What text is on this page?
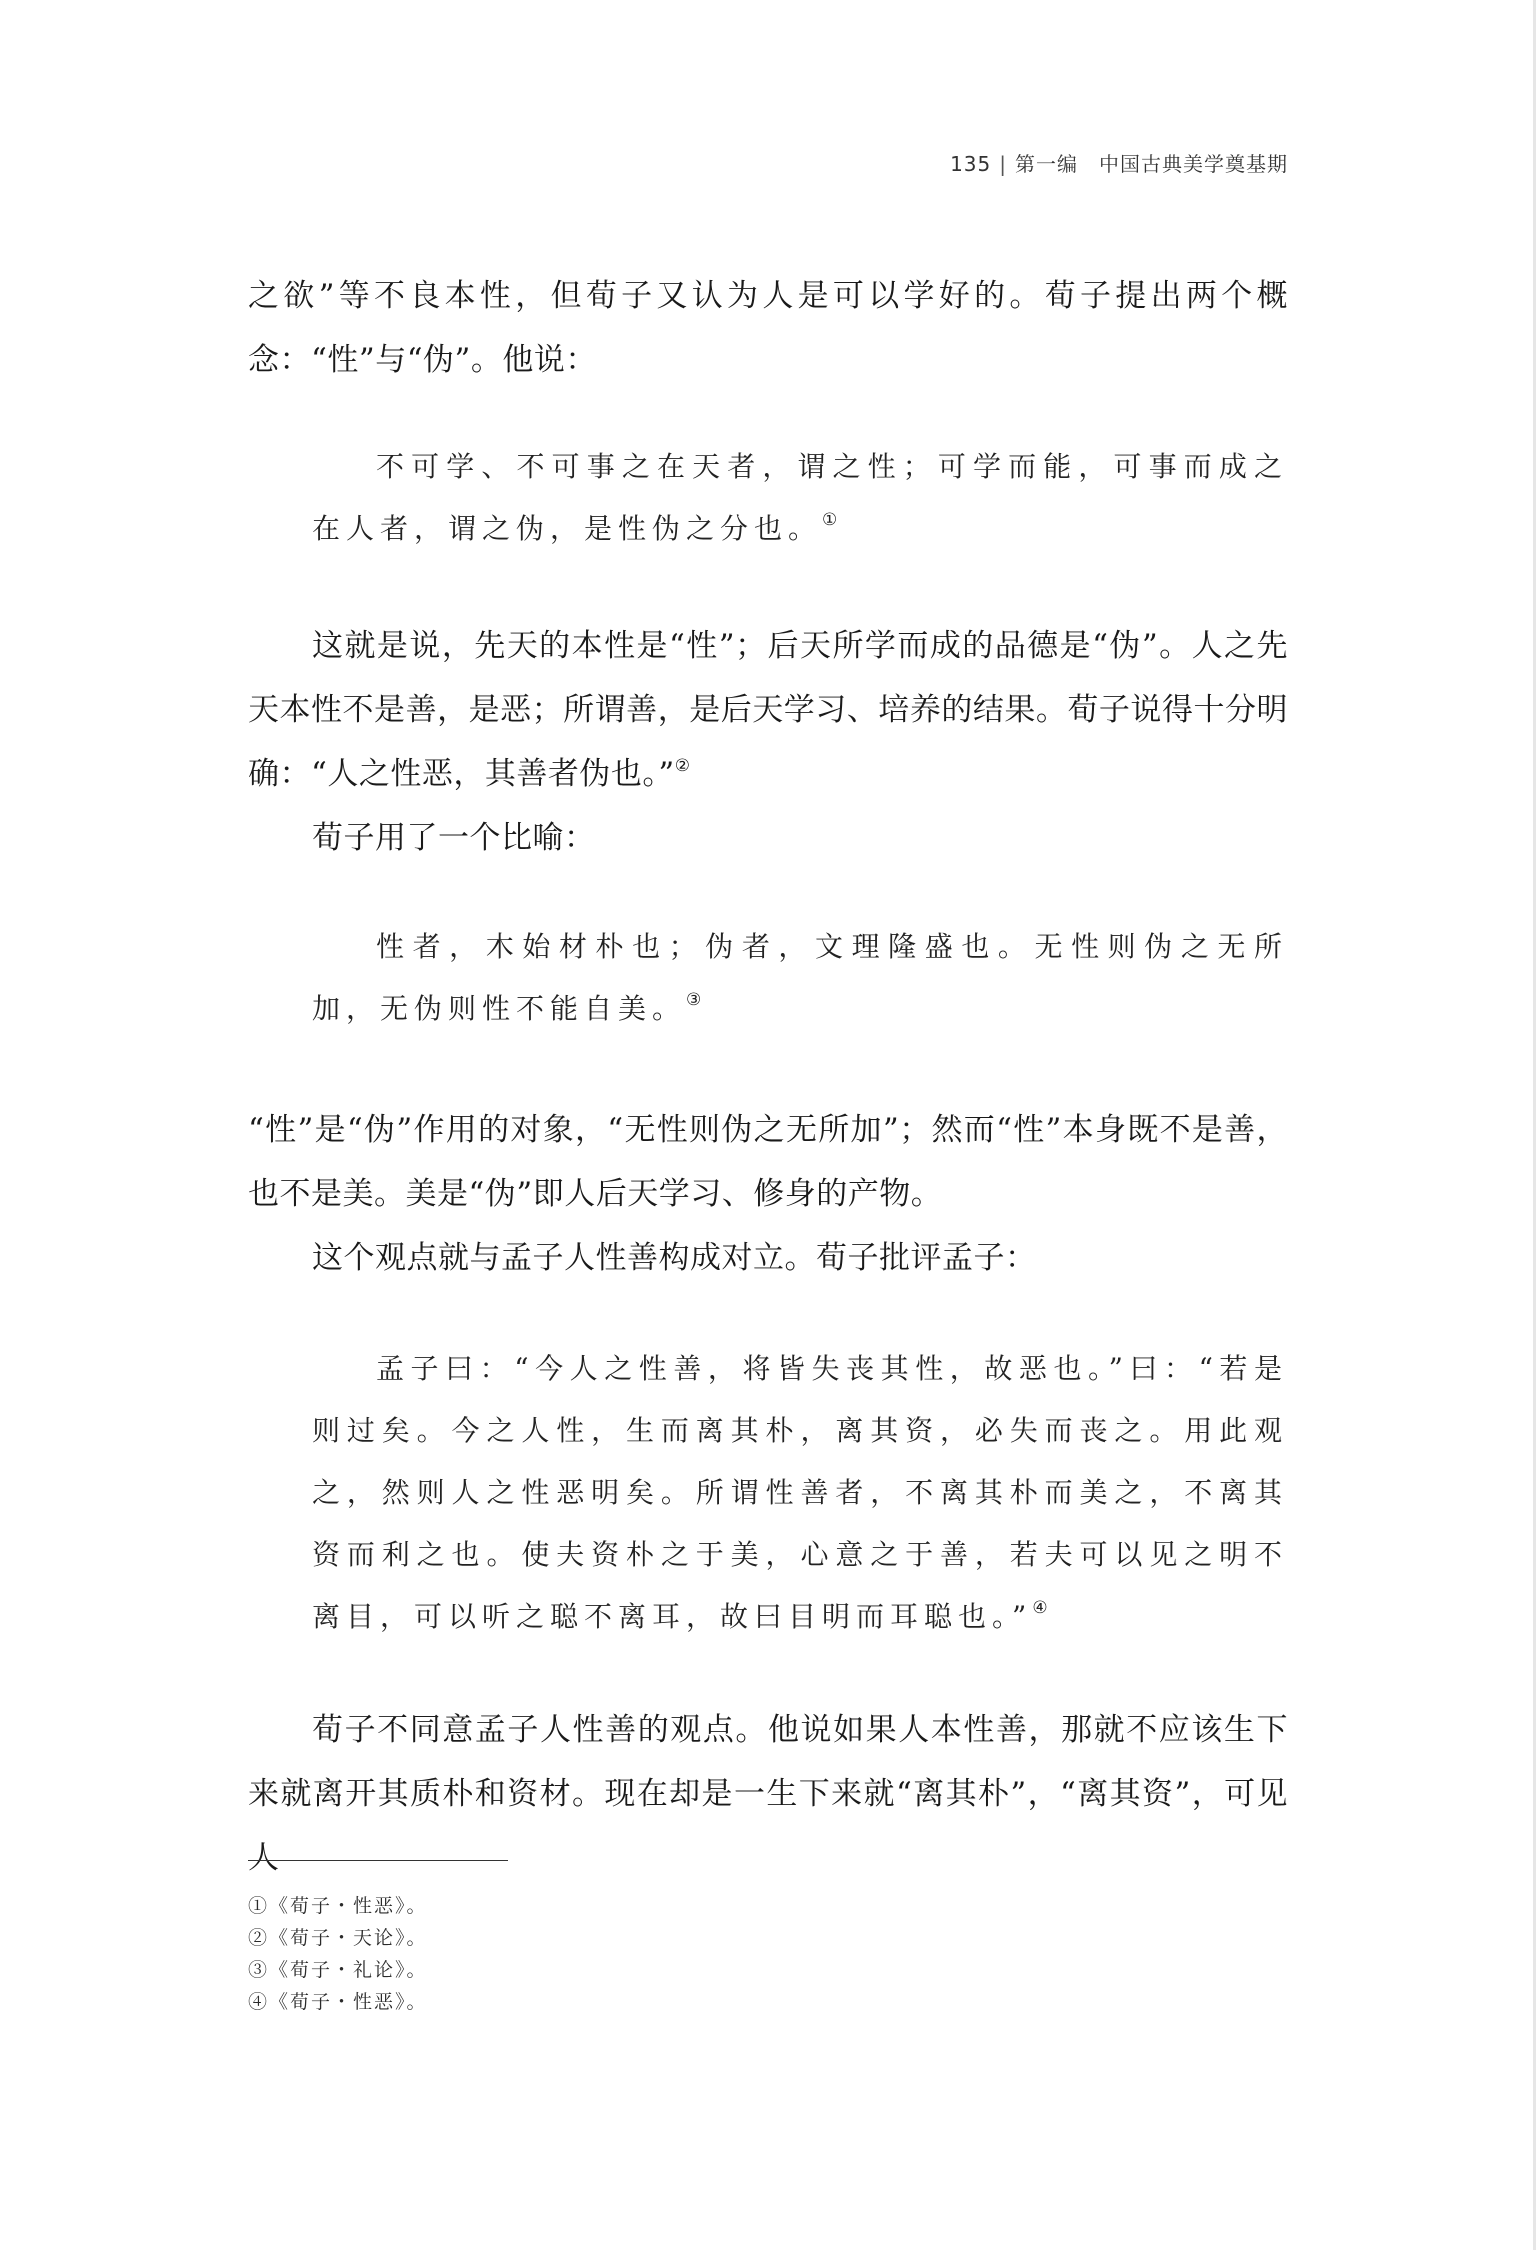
135 | 第一编　中国古典美学奠基期

之欲”等不良本性，但荀子又认为人是可以学好的。荀子提出两个概念：“性”与“伪”。他说：

不可学、不可事之在天者，谓之性；可学而能，可事而成之在人者，谓之伪，是性伪之分也。①

这就是说，先天的本性是“性”；后天所学而成的品德是“伪”。人之先天本性不是善，是恶；所谓善，是后天学习、培养的结果。荀子说得十分明确：“人之性恶，其善者伪也。”②

荀子用了一个比喻：

性者，木始材朴也；伪者，文理隆盛也。无性则伪之无所加，无伪则性不能自美。③

“性”是“伪”作用的对象，“无性则伪之无所加”；然而“性”本身既不是善，也不是美。美是“伪”即人后天学习、修身的产物。

这个观点就与孟子人性善构成对立。荀子批评孟子：

孟子曰：“今人之性善，将皆失丧其性，故恶也。”曰：“若是则过矣。今之人性，生而离其朴，离其资，必失而丧之。用此观之，然则人之性恶明矣。所谓性善者，不离其朴而美之，不离其资而利之也。使夫资朴之于美，心意之于善，若夫可以见之明不离目，可以听之聪不离耳，故曰目明而耳聪也。”④

荀子不同意孟子人性善的观点。他说如果人本性善，那就不应该生下来就离开其质朴和资材。现在却是一生下来就“离其朴”，“离其资”，可见人

①《荀子・性恶》。
②《荀子・天论》。
③《荀子・礼论》。
④《荀子・性恶》。
